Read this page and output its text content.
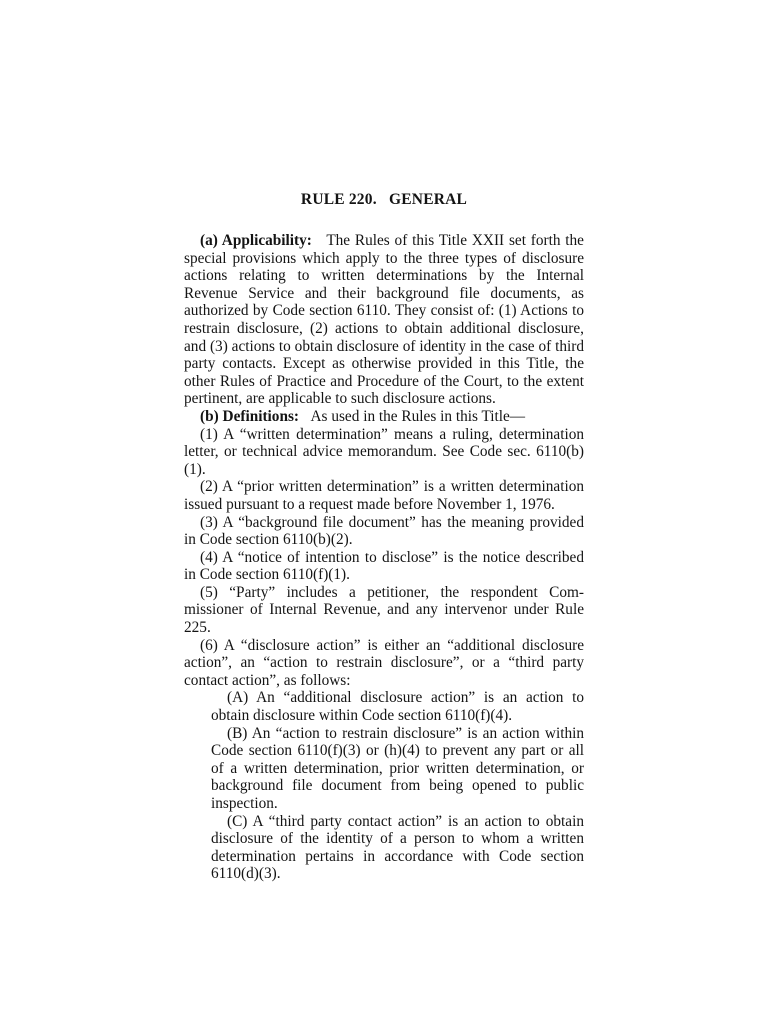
RULE 220.   GENERAL

(a) Applicability: The Rules of this Title XXII set forth the special provisions which apply to the three types of disclosure actions relating to written determinations by the Internal Revenue Service and their background file documents, as authorized by Code section 6110. They consist of: (1) Actions to restrain disclosure, (2) actions to obtain additional disclosure, and (3) actions to obtain disclosure of identity in the case of third party contacts. Except as otherwise provided in this Title, the other Rules of Practice and Procedure of the Court, to the extent pertinent, are applicable to such disclosure actions.

(b) Definitions: As used in the Rules in this Title—

(1) A “written determination” means a ruling, determination letter, or technical advice memorandum. See Code sec. 6110(b)(1).

(2) A “prior written determination” is a written determination issued pursuant to a request made before November 1, 1976.

(3) A “background file document” has the meaning provided in Code section 6110(b)(2).

(4) A “notice of intention to disclose” is the notice described in Code section 6110(f)(1).

(5) “Party” includes a petitioner, the respondent Commissioner of Internal Revenue, and any intervenor under Rule 225.

(6) A “disclosure action” is either an “additional disclosure action”, an “action to restrain disclosure”, or a “third party contact action”, as follows:

(A) An “additional disclosure action” is an action to obtain disclosure within Code section 6110(f)(4).

(B) An “action to restrain disclosure” is an action within Code section 6110(f)(3) or (h)(4) to prevent any part or all of a written determination, prior written determination, or background file document from being opened to public inspection.

(C) A “third party contact action” is an action to obtain disclosure of the identity of a person to whom a written determination pertains in accordance with Code section 6110(d)(3).
